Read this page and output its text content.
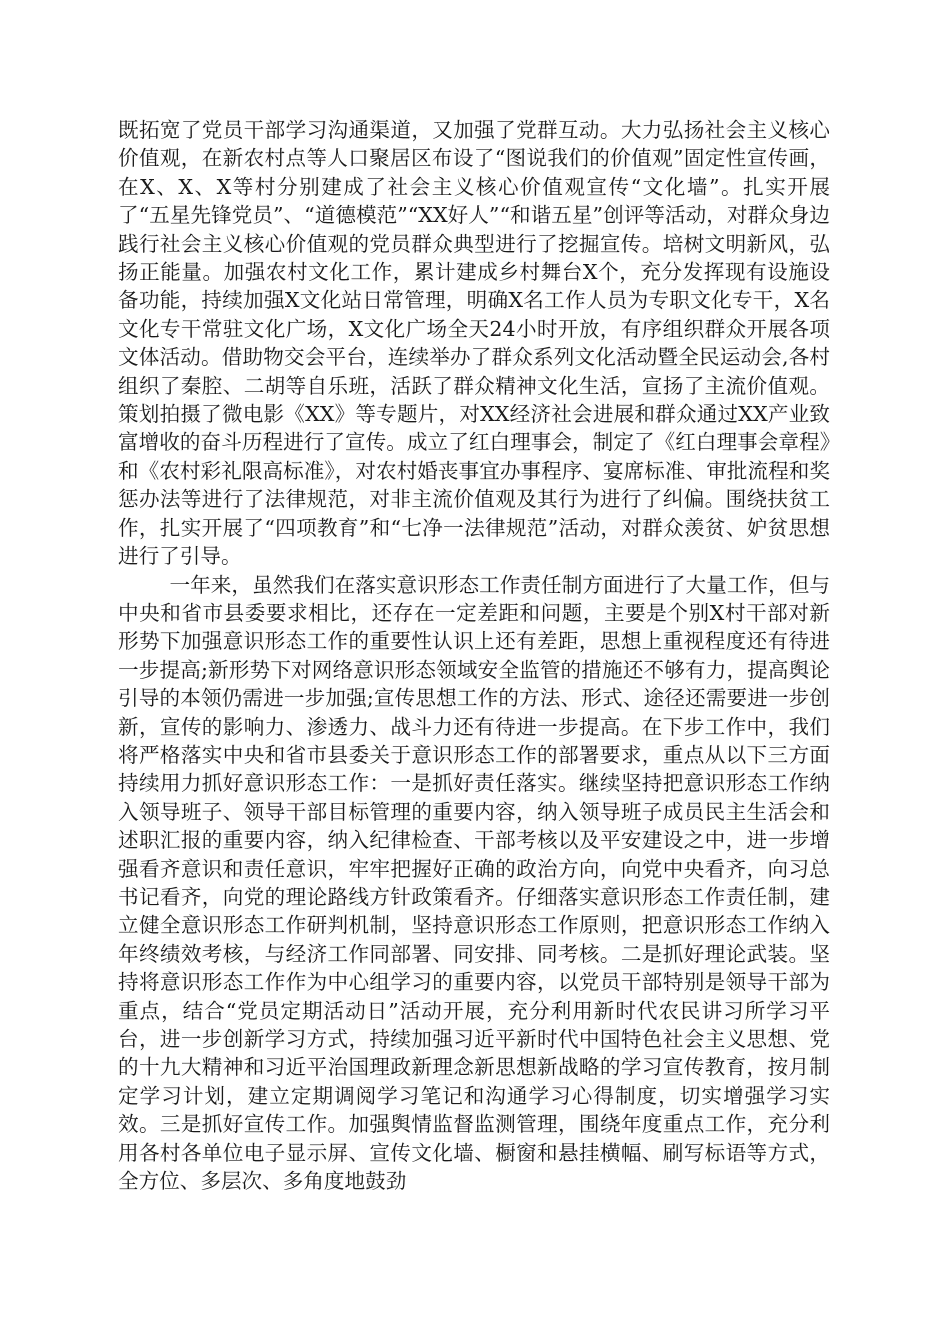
既拓宽了党员干部学习沟通渠道，又加强了党群互动。大力弘扬社会主义核心价值观，在新农村点等人口聚居区布设了“图说我们的价值观”固定性宣传画，在X、X、X等村分别建成了社会主义核心价值观宣传“文化墙”。扎实开展了“五星先锋党员”、“道德模范”“XX好人”“和谐五星”创评等活动，对群众身边践行社会主义核心价值观的党员群众典型进行了挖掘宣传。培树文明新风，弘扬正能量。加强农村文化工作，累计建成乡村舞台X个，充分发挥现有设施设备功能，持续加强X文化站日常管理，明确X名工作人员为专职文化专干，X名文化专干常驻文化广场，X文化广场全天24小时开放，有序组织群众开展各项文体活动。借助物交会平台，连续举办了群众系列文化活动暨全民运动会,各村组织了秦腔、二胡等自乐班，活跃了群众精神文化生活，宣扬了主流价值观。策划拍摄了微电影《XX》等专题片，对XX经济社会进展和群众通过XX产业致富增收的奋斗历程进行了宣传。成立了红白理事会，制定了《红白理事会章程》和《农村彩礼限高标准》，对农村婚丧事宜办事程序、宴席标准、审批流程和奖惩办法等进行了法律规范，对非主流价值观及其行为进行了纠偏。围绕扶贫工作，扎实开展了“四项教育”和“七净一法律规范”活动，对群众羡贫、妒贫思想进行了引导。

一年来，虽然我们在落实意识形态工作责任制方面进行了大量工作，但与中央和省市县委要求相比，还存在一定差距和问题，主要是个别X村干部对新形势下加强意识形态工作的重要性认识上还有差距，思想上重视程度还有待进一步提高;新形势下对网络意识形态领域安全监管的措施还不够有力，提高舆论引导的本领仍需进一步加强;宣传思想工作的方法、形式、途径还需要进一步创新，宣传的影响力、渗透力、战斗力还有待进一步提高。在下步工作中，我们将严格落实中央和省市县委关于意识形态工作的部署要求，重点从以下三方面持续用力抓好意识形态工作：一是抓好责任落实。继续坚持把意识形态工作纳入领导班子、领导干部目标管理的重要内容，纳入领导班子成员民主生活会和述职汇报的重要内容，纳入纪律检查、干部考核以及平安建设之中，进一步增强看齐意识和责任意识，牢牢把握好正确的政治方向，向党中央看齐，向习总书记看齐，向党的理论路线方针政策看齐。仔细落实意识形态工作责任制，建立健全意识形态工作研判机制，坚持意识形态工作原则，把意识形态工作纳入年终绩效考核，与经济工作同部署、同安排、同考核。二是抓好理论武装。坚持将意识形态工作作为中心组学习的重要内容，以党员干部特别是领导干部为重点，结合“党员定期活动日”活动开展，充分利用新时代农民讲习所学习平台，进一步创新学习方式，持续加强习近平新时代中国特色社会主义思想、党的十九大精神和习近平治国理政新理念新思想新战略的学习宣传教育，按月制定学习计划，建立定期调阅学习笔记和沟通学习心得制度，切实增强学习实效。三是抓好宣传工作。加强舆情监督监测管理，围绕年度重点工作，充分利用各村各单位电子显示屏、宣传文化墙、橱窗和悬挂横幅、刷写标语等方式，全方位、多层次、多角度地鼓劲
